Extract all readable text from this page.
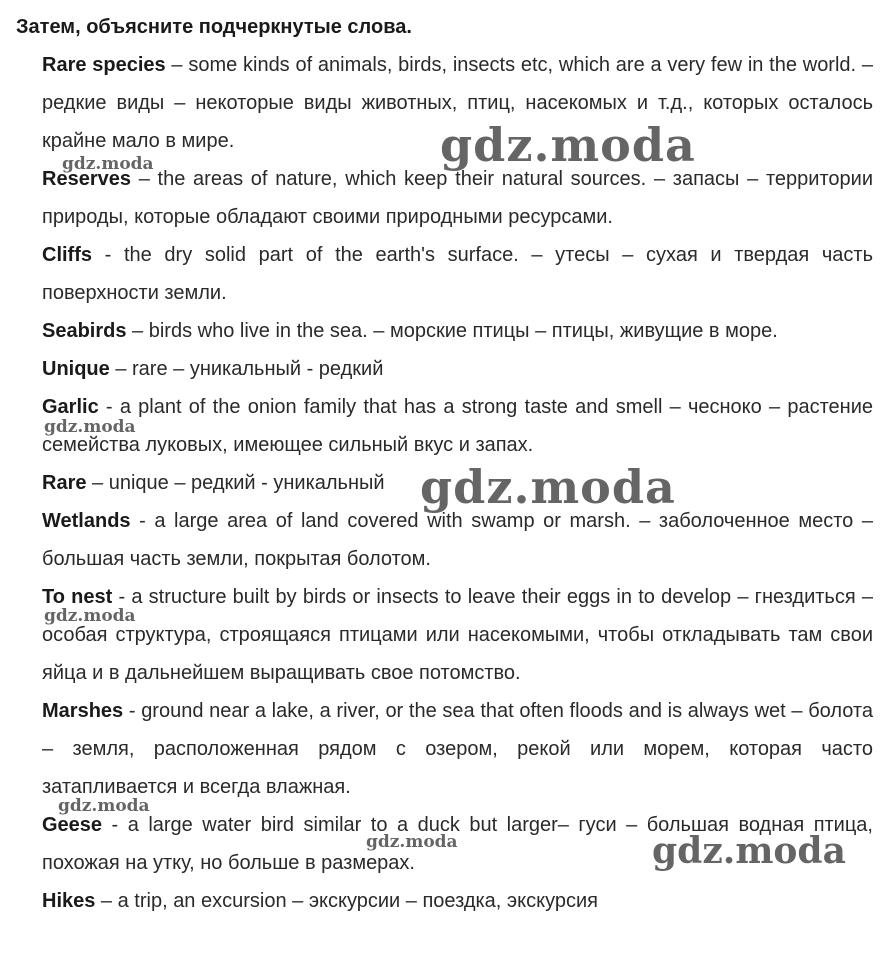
Затем, объясните подчеркнутые слова.

Rare species – some kinds of animals, birds, insects etc, which are a very few in the world. – редкие виды – некоторые виды животных, птиц, насекомых и т.д., которых осталось крайне мало в мире.

Reserves – the areas of nature, which keep their natural sources. – запасы – территории природы, которые обладают своими природными ресурсами.

Cliffs - the dry solid part of the earth's surface. – утесы – сухая и твердая часть поверхности земли.

Seabirds – birds who live in the sea. – морские птицы – птицы, живущие в море.

Unique – rare – уникальный - редкий

Garlic - a plant of the onion family that has a strong taste and smell – чесноко – растение семейства луковых, имеющее сильный вкус и запах.

Rare – unique – редкий - уникальный

Wetlands - a large area of land covered with swamp or marsh. – заболоченное место – большая часть земли, покрытая болотом.

To nest - a structure built by birds or insects to leave their eggs in to develop – гнездиться – особая структура, строящаяся птицами или насекомыми, чтобы откладывать там свои яйца и в дальнейшем выращивать свое потомство.

Marshes - ground near a lake, a river, or the sea that often floods and is always wet – болота – земля, расположенная рядом с озером, рекой или морем, которая часто затапливается и всегда влажная.

Geese - a large water bird similar to a duck but larger– гуси – большая водная птица, похожая на утку, но больше в размерах.

Hikes – a trip, an excursion – экскурсии – поездка, экскурсия

gdz.moda
gdz.moda
gdz.moda
gdz.moda
gdz.moda
gdz.moda
gdz.moda	gdz.moda
